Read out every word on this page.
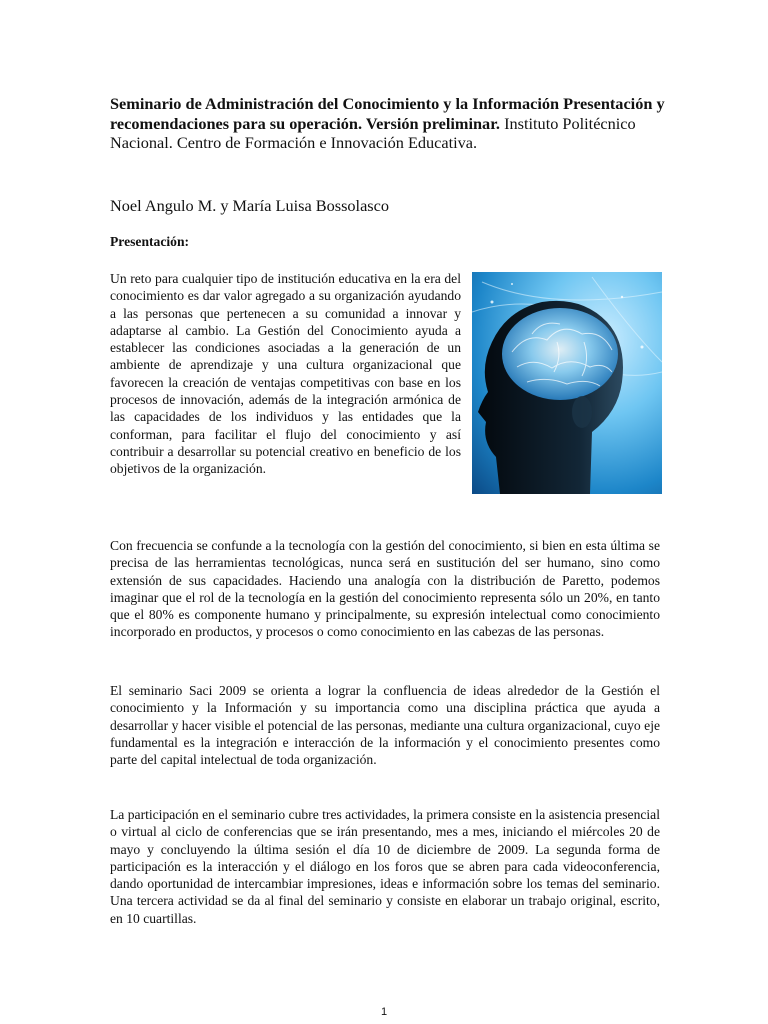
Seminario de Administración del Conocimiento y la Información Presentación y recomendaciones para su operación. Versión preliminar. Instituto Politécnico Nacional. Centro de Formación e Innovación Educativa.
Noel Angulo M. y María Luisa Bossolasco
Presentación:

Un reto para cualquier tipo de institución educativa en la era del conocimiento es dar valor agregado a su organización ayudando a las personas que pertenecen a su comunidad a innovar y adaptarse al cambio. La Gestión del Conocimiento ayuda a establecer las condiciones asociadas a la generación de un ambiente de aprendizaje y una cultura organizacional que favorecen la creación de ventajas competitivas con base en los procesos de innovación, además de la integración armónica de las capacidades de los individuos y las entidades que la conforman, para facilitar el flujo del conocimiento y así contribuir a desarrollar su potencial creativo en beneficio de los objetivos de la organización.

Con frecuencia se confunde a la tecnología con la gestión del conocimiento, si bien en esta última se precisa de las herramientas tecnológicas, nunca será en sustitución del ser humano, sino como extensión de sus capacidades. Haciendo una analogía con la distribución de Paretto, podemos imaginar que el rol de la tecnología en la gestión del conocimiento representa sólo un 20%, en tanto que el 80% es componente humano y principalmente, su expresión intelectual como conocimiento incorporado en productos, y procesos o como conocimiento en las cabezas de las personas.

El seminario Saci 2009 se orienta a lograr la confluencia de ideas alrededor de la Gestión el conocimiento y la Información y su importancia como una disciplina práctica que ayuda a desarrollar y hacer visible el potencial de las personas, mediante una cultura organizacional, cuyo eje fundamental es la integración e interacción de la información y el conocimiento presentes como parte del capital intelectual de toda organización.

La participación en el seminario cubre tres actividades, la primera consiste en la asistencia presencial o virtual al ciclo de conferencias que se irán presentando, mes a mes, iniciando el miércoles 20 de mayo y concluyendo la última sesión el día 10 de diciembre de 2009. La segunda forma de participación es la interacción y el diálogo en los foros que se abren para cada videoconferencia, dando oportunidad de intercambiar impresiones, ideas e información sobre los temas del seminario. Una tercera actividad se da al final del seminario y consiste en elaborar un trabajo original, escrito, en 10 cuartillas.

1
